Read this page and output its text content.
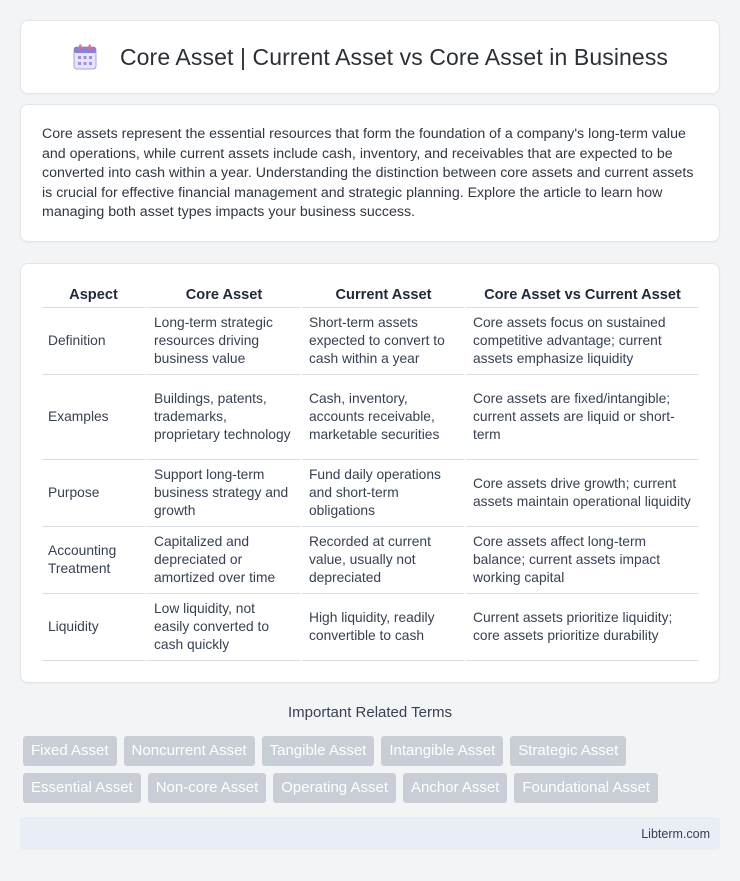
Core Asset | Current Asset vs Core Asset in Business

Core assets represent the essential resources that form the foundation of a company's long-term value and operations, while current assets include cash, inventory, and receivables that are expected to be converted into cash within a year. Understanding the distinction between core assets and current assets is crucial for effective financial management and strategic planning. Explore the article to learn how managing both asset types impacts your business success.

Aspect	Core Asset	Current Asset	Core Asset vs Current Asset
Definition	Long-term strategic resources driving business value	Short-term assets expected to convert to cash within a year	Core assets focus on sustained competitive advantage; current assets emphasize liquidity
Examples	Buildings, patents, trademarks, proprietary technology	Cash, inventory, accounts receivable, marketable securities	Core assets are fixed/intangible; current assets are liquid or short-term
Purpose	Support long-term business strategy and growth	Fund daily operations and short-term obligations	Core assets drive growth; current assets maintain operational liquidity
Accounting Treatment	Capitalized and depreciated or amortized over time	Recorded at current value, usually not depreciated	Core assets affect long-term balance; current assets impact working capital
Liquidity	Low liquidity, not easily converted to cash quickly	High liquidity, readily convertible to cash	Current assets prioritize liquidity; core assets prioritize durability
Important Related Terms
Fixed Asset	Noncurrent Asset	Tangible Asset	Intangible Asset	Strategic Asset
Essential Asset	Non-core Asset	Operating Asset	Anchor Asset	Foundational Asset
Libterm.com
